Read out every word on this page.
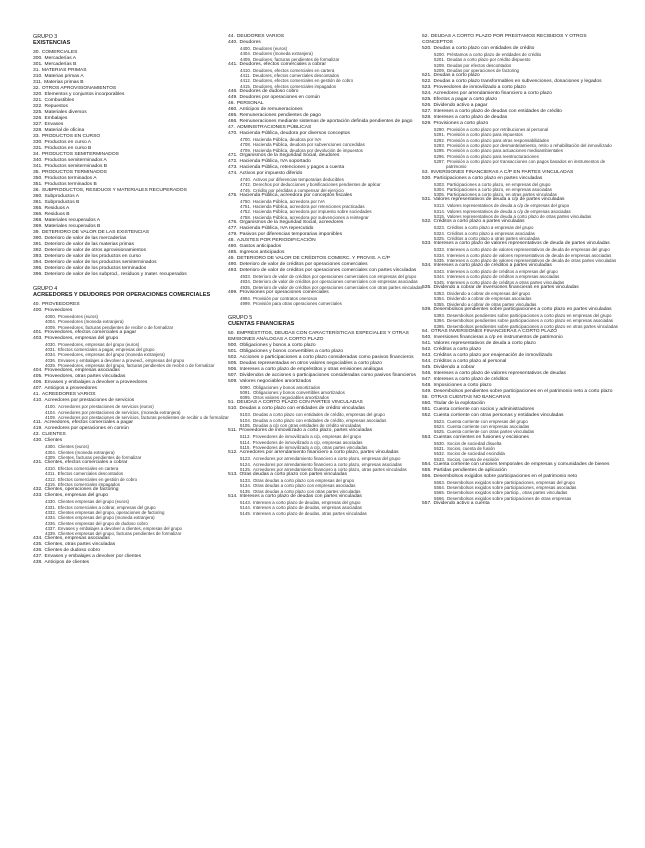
GRUPO 3
EXISTENCIAS
30. COMERCIALES
300. Mercaderías A
301. Mercaderías B
31. MATERIAS PRIMAS
310. Materias primas A
311. Materias primas B
32. OTROS APROVISIONAMIENTOS
320. Elementos y conjuntos incorporables
321. Combustibles
322. Repuestos
325. Materiales diversos
326. Embalajes
327. Envases
328. Material de oficina
33. PRODUCTOS EN CURSO
330. Productos en curso A
331. Productos en curso B
34. PRODUCTOS SEMITERMINADOS
340. Productos semiterminados A
341. Productos semiterminados B
35. PRODUCTOS TERMINADOS
350. Productos terminados A
351. Productos terminados B
36. SUBPRODUCTOS, RESIDUOS Y MATERIALES RECUPERADOS
360. Subproductos A
361. Subproductos B
365. Residuos A
366. Residuos B
368. Materiales recuperados A
369. Materiales recuperados B
39. DETERIORO DE VALOR DE LAS EXISTENCIAS
390. Deterioro de valor de las mercaderías
391. Deterioro de valor de las materias primas
392. Deterioro de valor de otros aprovisionamientos
393. Deterioro de valor de los productos en curso
394. Deterioro de valor de los productos semiterminados
395. Deterioro de valor de los productos terminados
396. Deterioro de valor de los subprod., residuos y mater. recuperados
GRUPO 4
ACREEDORES Y DEUDORES POR OPERACIONES COMERCIALES
40. PROVEEDORES
400. Proveedores
4000. Proveedores (euros)
4004. Proveedores (moneda extranjera)
4009. Proveedores, facturas pendientes de recibir o de formalizar
401. Proveedores, efectos comerciales a pagar
403. Proveedores, empresas del grupo
4030. Proveedores, empresas del grupo (euros)
4031. Efectos comerciales a pagar, empresas del grupo
4034. Proveedores, empresas del grupo (moneda extranjera)
4036. Envases y embalajes a devolver a proveed., empresas del grupo
4039. Proveedores, empresas del grupo, facturas pendientes de recibir o de formalizar
404. Proveedores, empresas asociadas
405. Proveedores, otras partes vinculadas
406. Envases y embalajes a devolver a proveedores
407. Anticipos a proveedores
41. ACREEDORES VARIOS
410. Acreedores por prestaciones de servicios
4100. Acreedores por prestaciones de servicios (euros)
4104. Acreedores por prestaciones de servicios, (moneda extranjera)
4109. Acreedores por prestaciones de servicios, facturas pendientes de recibir o de formalizar
411. Acreedores, efectos comerciales a pagar
419. Acreedores por operaciones en común
43. CLIENTES
430. Clientes
4300. Clientes (euros)
4304. Clientes (moneda extranjera)
4309. Clientes, facturas pendientes de formalizar
431. Clientes, efectos comerciales a cobrar
4310. Efectos comerciales en cartera
4311. Efectos comerciales descontados
4312. Efectos comerciales en gestión de cobro
4315. Efectos comerciales impagados
432. Clientes, operaciones de factoring
433. Clientes, empresas del grupo
4330. Clientes empresas del grupo (euros)
4331. Efectos comerciales a cobrar, empresas del grupo
4332. Clientes empresas del grupo, operaciones de factoring
4334. Clientes empresas del grupo (moneda extranjera)
4336. Clientes empresas del grupo de dudoso cobro
4337. Envases y embalajes a devolver a clientes, empresas del grupo
4339. Clientes empresas del grupo, facturas pendientes de formalizar
434. Clientes, empresas asociadas
435. Clientes, otras partes vinculadas
436. Clientes de dudoso cobro
437. Envases y embalajes a devolver por clientes
438. Anticipos de clientes
44. DEUDORES VARIOS
440. Deudores
4400. Deudores (euros)
4404. Deudores (moneda extranjera)
4409. Deudores, facturas pendientes de formalizar
441. Deudores, efectos comerciales a cobrar
4410. Deudores, efectos comerciales en cartera
4411. Deudores, efectos comerciales descontados
4412. Deudores, efectos comerciales en gestión de cobro
4415. Deudores, efectos comerciales impagados
446. Deudores de dudoso cobro
449. Deudores por operaciones en común
46. PERSONAL
460. Anticipos de remuneraciones
465. Remuneraciones pendientes de pago
466. Remuneraciones mediante sistemas de aportación definida pendientes de pago
47. ADMINISTRACIONES PÚBLICAS
470. Hacienda Pública, deudora por diversos conceptos
4700. Hacienda Pública, deudora por IVA
4708. Hacienda Pública, deudora por subvenciones concedidas
4709. Hacienda Pública, deudora por devolución de impuestos
471. Organismos de la Seguridad Social, deudores
472. Hacienda Pública, IVA soportado
473. Hacienda Pública, retenciones y pagos a cuenta
474. Activos por impuesto diferido
4740. Activos por diferencias temporarias deducibles
4742. Derechos por deducciones y bonificaciones pendientes de aplicar
4745. Crédito por pérdidas a compensar del ejercicio
475. Hacienda Pública, acreedora por conceptos fiscales
4750. Hacienda Pública, acreedora por IVA
4751. Hacienda Pública, acreedora por retenciones practicadas
4752. Hacienda Pública, acreedora por impuesto sobre sociedades
4758. Hacienda Pública, acreedora por subvenciones a reintegrar
476. Organismos de la Seguridad Social, acreedores
477. Hacienda Pública, IVA repercutido
479. Pasivos por diferencias temporarias imponibles
48. AJUSTES POR PERIODIFICACIÓN
480. Gastos anticipados
485. Ingresos anticipados
49. DETERIORO DE VALOR DE CRÉDITOS COMERC. Y PROVIS. A C/P
490. Deterioro de valor de créditos por operaciones comerciales
493. Deterioro de valor de créditos por operaciones comerciales con partes vinculadas
4933. Deterioro de valor de créditos por operaciones comerciales con empresas del grupo
4934. Deterioro de valor de créditos por operaciones comerciales con empresas asociadas
4935. Deterioro de valor de créditos por operaciones comerciales con otras partes vinculadas
499. Provisiones por operaciones comerciales
4994. Provisión por contratos onerosos
4999. Provisión para otras operaciones comerciales
GRUPO 5
CUENTAS FINANCIERAS
50. EMPRÉSTITOS, DEUDAS CON CARACTERÍSTICAS ESPECIALES Y OTRAS EMISIONES ANÁLOGAS A CORTO PLAZO
500. Obligaciones y bonos a corto plazo
501. Obligaciones y bonos convertibles a corto plazo
502. Acciones o participaciones a corto plazo consideradas como pasivos financieros
505. Deudas representadas en otros valores negociables a corto plazo
506. Intereses a corto plazo de empréstitos y otras emisiones análogas
507. Dividendos de acciones o participaciones consideradas como pasivos financieros
509. Valores negociables amortizados
5090. Obligaciones y bonos amortizados
5091. Obligaciones y bonos convertibles amortizados
5095. Otros valores negociables amortizados
51. DEUDAS A CORTO PLAZO CON PARTES VINCULADAS
510. Deudas a corto plazo con entidades de crédito vinculadas
5103. Deudas a corto plazo con entidades de crédito, empresas del grupo
5104. Deudas a corto plazo con entidades de crédito, empresas asociadas
5105. Deudas a c/p con otras entidades de crédito vinculadas
511. Proveedores de inmovilizado a corto plazo, partes vinculadas
5113. Proveedores de inmovilizado a c/p, empresas del grupo
5114. Proveedores de inmovilizado a c/p, empresas asociadas
5115. Proveedores de inmovilizado a c/p, otras partes vinculadas
512. Acreedores por arrendamiento financiero a corto plazo, partes vinculadas
5123. Acreedores por arrendamiento financiero a corto plazo, empresas del grupo
5124. Acreedores por arrendamiento financiero a corto plazo, empresas asociadas
5125. Acreedores por arrendamiento financiero a corto plazo, otras partes vinculadas
513. Otras deudas a corto plazo con partes vinculadas
5133. Otras deudas a corto plazo con empresas del grupo
5134. Otras deudas a corto plazo con empresas asociadas
5135. Otras deudas a corto plazo con otras partes vinculadas
514. Intereses a corto plazo de deudas con partes vinculadas
5143. Intereses a corto plazo de deudas, empresas del grupo
5144. Intereses a corto plazo de deudas, empresas asociadas
5145. Intereses a corto plazo de deudas, otras partes vinculadas
52. DEUDAS A CORTO PLAZO POR PRÉSTAMOS RECIBIDOS Y OTROS CONCEPTOS
520. Deudas a corto plazo con entidades de crédito
5200. Préstamos a corto plazo de entidades de crédito
5201. Deudas a corto plazo por crédito dispuesto
5208. Deudas por efectos descontados
5209. Deudas por operaciones de factoring
521. Deudas a corto plazo
522. Deudas a corto plazo transformables en subvenciones, donaciones y legados
523. Proveedores de inmovilizado a corto plazo
524. Acreedores por arrendamiento financiero a corto plazo
525. Efectos a pagar a corto plazo
526. Dividendo activo a pagar
527. Intereses a corto plazo de deudas con entidades de crédito
528. Intereses a corto plazo de deudas
529. Provisiones a corto plazo
5290. Provisión a corto plazo por retribuciones al personal
5291. Provisión a corto plazo para impuestos
5292. Provisión a corto plazo para otras responsabilidades
5293. Provisión a corto plazo por desmantelamiento, retiro o rehabilitación del inmovilizado
5295. Provisión a corto plazo para actuaciones medioambientales
5296. Provisión a corto plazo para reestructuraciones
5297. Provisión a corto plazo por transacciones con pagos basados en instrumentos de patrimonio
53. INVERSIONES FINANCIERAS A C/P EN PARTES VINCULADAS
530. Participaciones a corto plazo en partes vinculadas
5303. Participaciones a corto plazo, en empresas del grupo
5304. Participaciones a corto plazo, en empresas asociadas
5305. Participaciones a corto plazo, en otras partes vinculadas
531. Valores representativos de deuda a c/p de partes vinculadas
5313. Valores representativos de deuda a c/p de empresas del grupo
5314. Valores representativos de deuda a c/p de empresas asociadas
5315. Valores representativos de deuda a corto plazo de otras partes vinculadas
532. Créditos a corto plazo a partes vinculadas
5323. Créditos a corto plazo a empresas del grupo
5324. Créditos a corto plazo a empresas asociadas
5325. Créditos a corto plazo a otras partes vinculadas
533. Intereses a corto plazo de valores representativos de deuda de partes vinculadas
5333. Intereses a corto plazo de valores representativos de deuda de empresas del grupo
5334. Intereses a corto plazo de valores representativos de deuda de empresas asociadas
5335. Intereses a corto plazo de valores representativos de deuda de otras partes vinculadas
534. Intereses a corto plazo de créditos a partes vinculadas
5343. Intereses a corto plazo de créditos a empresas del grupo
5344. Intereses a corto plazo de créditos a empresas asociadas
5345. Intereses a corto plazo de créditos a otras partes vinculadas
535. Dividendo a cobrar de inversiones financieras en partes vinculadas
5353. Dividendo a cobrar de empresas del grupo
5354. Dividendo a cobrar de empresas asociadas
5355. Dividendo a cobrar de otras partes vinculadas
539. Desembolsos pendientes sobre participaciones a corto plazo en partes vinculadas
5393. Desembolsos pendientes sobre participaciones a corto plazo en empresas del grupo
5394. Desembolsos pendientes sobre participaciones a corto plazo en empresas asociadas
5395. Desembolsos pendientes sobre participaciones a corto plazo en otras partes vinculadas
54. OTRAS INVERSIONES FINANCIERAS A CORTO PLAZO
540. Inversiones financieras a c/p en instrumentos de patrimonio
541. Valores representativos de deuda a corto plazo
542. Créditos a corto plazo
543. Créditos a corto plazo por enajenación de inmovilizado
544. Créditos a corto plazo al personal
545. Dividendo a cobrar
546. Intereses a corto plazo de valores representativos de deudas
547. Intereses a corto plazo de créditos
548. Imposiciones a corto plazo
549. Desembolsos pendientes sobre participaciones en el patrimonio neto a corto plazo
55. OTRAS CUENTAS NO BANCARIAS
550. Titular de la explotación
551. Cuenta corriente con socios y administradores
552. Cuenta corriente con otras personas y entidades vinculadas
5523. Cuenta corriente con empresas del grupo
5524. Cuenta corriente con empresas asociadas
5525. Cuenta corriente con otras partes vinculadas
553. Cuentas corrientes en fusiones y escisiones
5530. Socios de sociedad disuelta
5531. Socios, cuenta de fusión
5532. Socios de sociedad escindida
5533. Socios, cuenta de escisión
554. Cuenta corriente con uniones temporales de empresas y comunidades de bienes
555. Partidas pendientes de aplicación
556. Desembolsos exigidos sobre participaciones en el patrimonio neto
5563. Desembolsos exigidos sobre participaciones, empresas del grupo
5564. Desembolsos exigidos sobre participaciones, empresas asociadas
5565. Desembolsos exigidos sobre particip., otras partes vinculadas
5566. Desembolsos exigidos sobre participaciones de otras empresas
557. Dividendo activo a cuenta
